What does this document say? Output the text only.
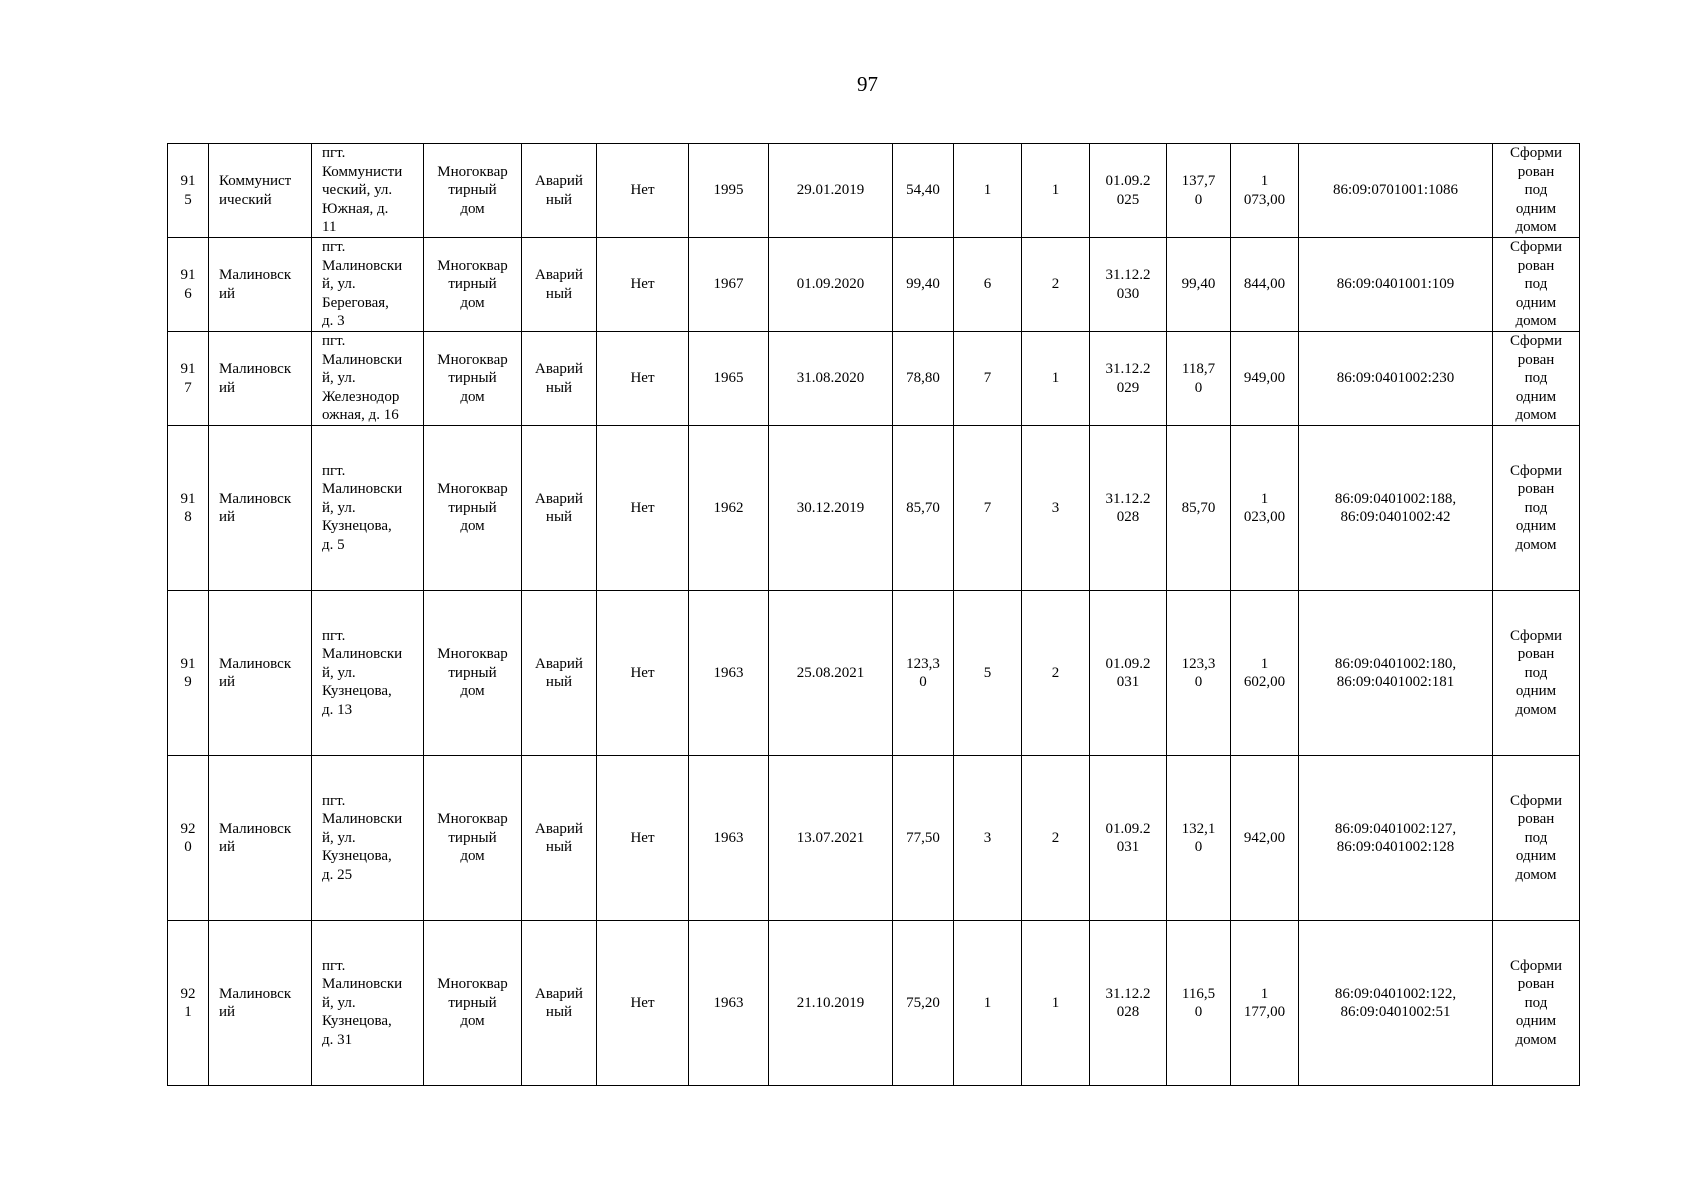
97
91
5	Коммунист
ический	пгт.
Коммунисти
ческий, ул.
Южная, д.
11	Многоквар
тирный
дом	Аварий
ный	Нет	1995	29.01.2019	54,40	1	1	01.09.2
025	137,7
0	1
073,00	86:09:0701001:1086	Сформи
рован
под
одним
домом
91
6	Малиновск
ий	пгт.
Малиновски
й, ул.
Береговая,
д. 3	Многоквар
тирный
дом	Аварий
ный	Нет	1967	01.09.2020	99,40	6	2	31.12.2
030	99,40	844,00	86:09:0401001:109	Сформи
рован
под
одним
домом
91
7	Малиновск
ий	пгт.
Малиновски
й, ул.
Железнодор
ожная, д. 16	Многоквар
тирный
дом	Аварий
ный	Нет	1965	31.08.2020	78,80	7	1	31.12.2
029	118,7
0	949,00	86:09:0401002:230	Сформи
рован
под
одним
домом
91
8	Малиновск
ий	пгт.
Малиновски
й, ул.
Кузнецова,
д. 5	Многоквар
тирный
дом	Аварий
ный	Нет	1962	30.12.2019	85,70	7	3	31.12.2
028	85,70	1
023,00	86:09:0401002:188,
86:09:0401002:42	Сформи
рован
под
одним
домом
91
9	Малиновск
ий	пгт.
Малиновски
й, ул.
Кузнецова,
д. 13	Многоквар
тирный
дом	Аварий
ный	Нет	1963	25.08.2021	123,3
0	5	2	01.09.2
031	123,3
0	1
602,00	86:09:0401002:180,
86:09:0401002:181	Сформи
рован
под
одним
домом
92
0	Малиновск
ий	пгт.
Малиновски
й, ул.
Кузнецова,
д. 25	Многоквар
тирный
дом	Аварий
ный	Нет	1963	13.07.2021	77,50	3	2	01.09.2
031	132,1
0	942,00	86:09:0401002:127,
86:09:0401002:128	Сформи
рован
под
одним
домом
92
1	Малиновск
ий	пгт.
Малиновски
й, ул.
Кузнецова,
д. 31	Многоквар
тирный
дом	Аварий
ный	Нет	1963	21.10.2019	75,20	1	1	31.12.2
028	116,5
0	1
177,00	86:09:0401002:122,
86:09:0401002:51	Сформи
рован
под
одним
домом
